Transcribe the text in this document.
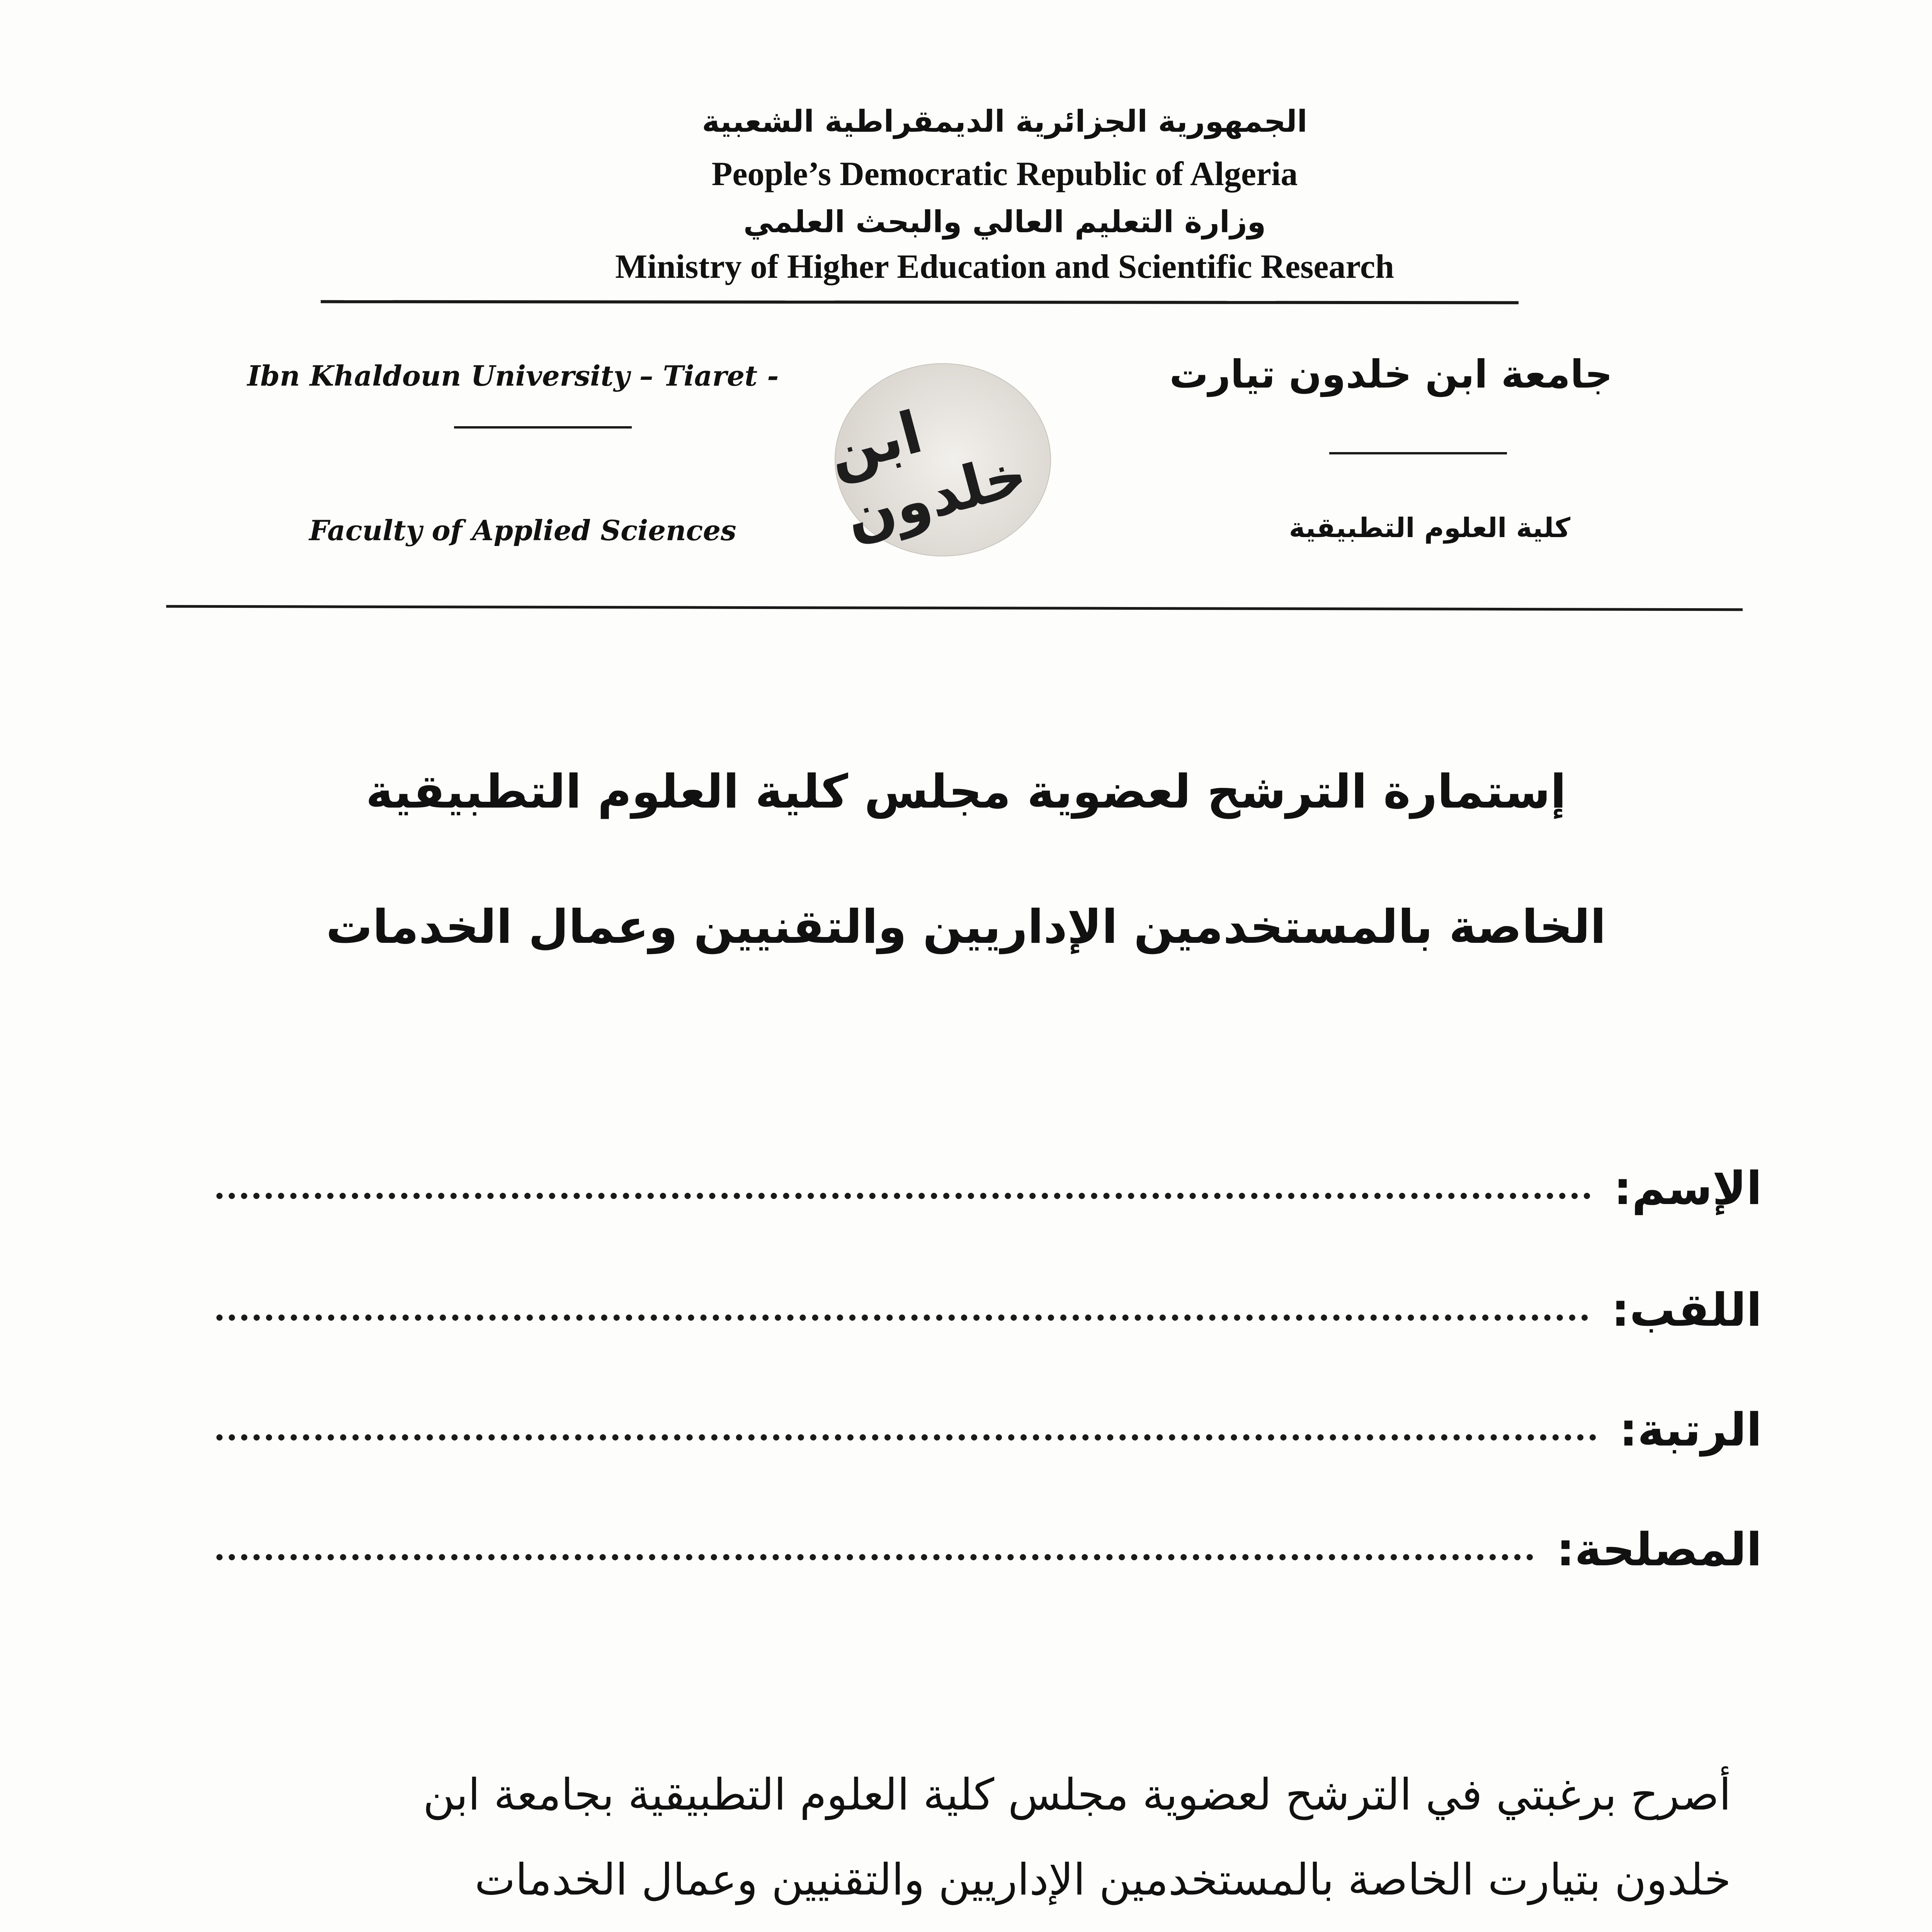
الجمهورية الجزائرية الديمقراطية الشعبية
People’s Democratic Republic of Algeria
وزارة التعليم العالي والبحث العلمي
Ministry of Higher Education and Scientific Research
Ibn Khaldoun University – Tiaret -
Faculty of Applied Sciences
ابن خلدون
جامعة ابن خلدون تيارت
كلية العلوم التطبيقية
إستمارة الترشح لعضوية مجلس كلية العلوم التطبيقية
الخاصة بالمستخدمين الإداريين والتقنيين وعمال الخدمات
الإسم:
اللقب:
الرتبة:
المصلحة:
أصرح برغبتي في الترشح لعضوية مجلس كلية العلوم التطبيقية بجامعة ابن
خلدون بتيارت الخاصة بالمستخدمين الإداريين والتقنيين وعمال الخدمات
